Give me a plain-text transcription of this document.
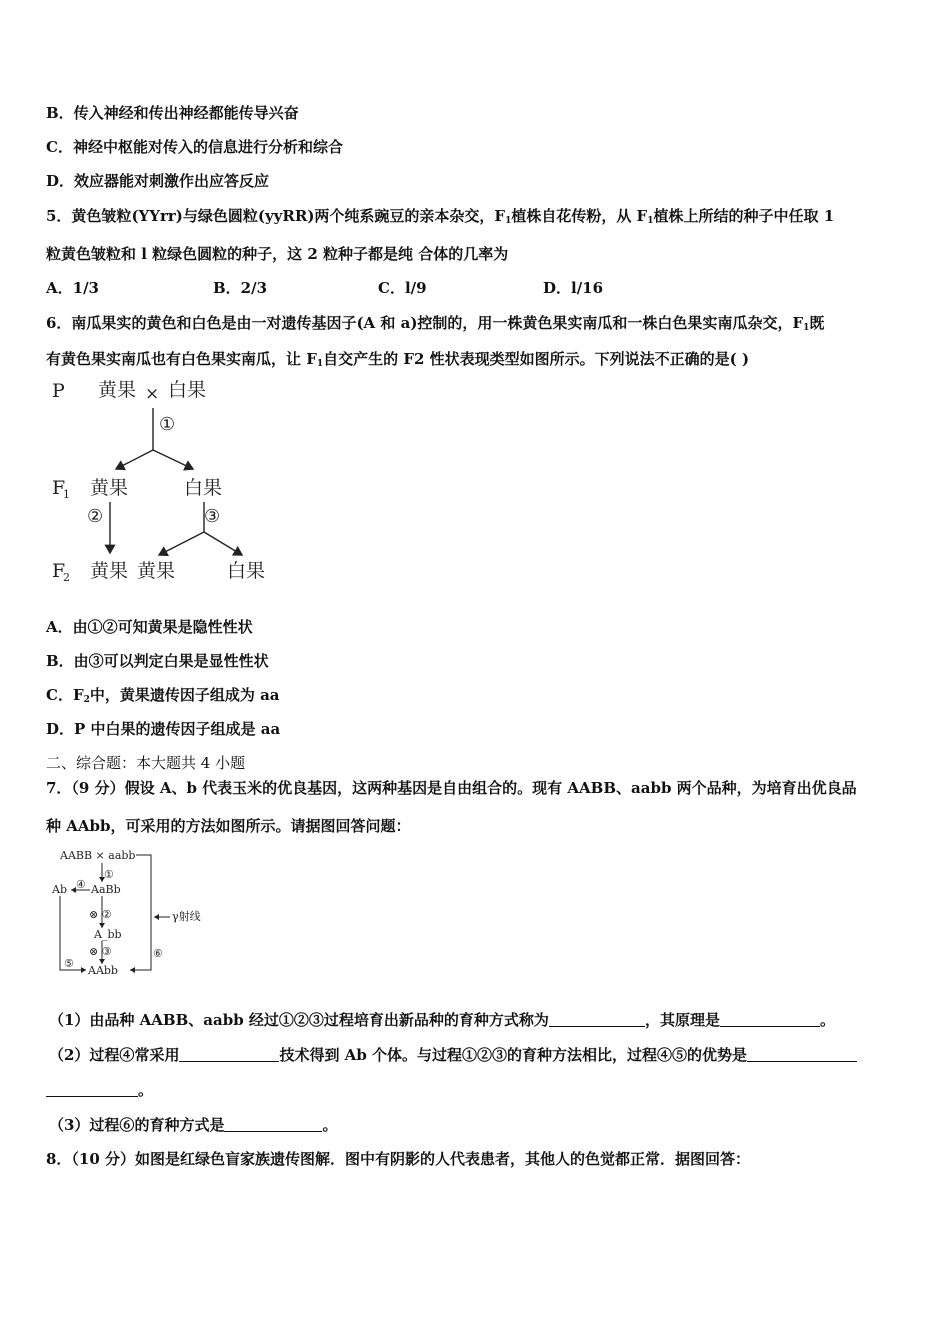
B．传入神经和传出神经都能传导兴奋
C．神经中枢能对传入的信息进行分析和综合
D．效应器能对刺激作出应答反应
5．黄色皱粒(YYrr)与绿色圆粒(yyRR)两个纯系豌豆的亲本杂交，$F_1$植株自花传粉，从 $F_1$植株上所结的种子中任取 1
粒黄色皱粒和 l 粒绿色圆粒的种子，这 2 粒种子都是纯 合体的几率为
A．1/3	B．2/3	C．l/9	D．l/16
6．南瓜果实的黄色和白色是由一对遗传基因子(A 和 a)控制的，用一株黄色果实南瓜和一株白色果实南瓜杂交，$F_1$既
有黄色果实南瓜也有白色果实南瓜，让 $F_1$自交产生的 F2 性状表现类型如图所示。下列说法不正确的是( )
P 黄果 × 白果
①
F
1 黄果	白果
②	③
F
2 黄果 黄果	白果
A．由①②可知黄果是隐性性状
B．由③可以判定白果是显性性状
C．$F_2$中，黄果遗传因子组成为 aa
D．P 中白果的遗传因子组成是 aa
二、综合题：本大题共 4 小题
7．（9 分）假设 A、b 代表玉米的优良基因，这两种基因是自由组合的。现有 AABB、aabb 两个品种，为培育出优良品
种 AAbb，可采用的方法如图所示。请据图回答问题：
AABB × aabb
①
Ab ④ AaBb
⊗ ②
A_bb
⊗ ③
⑤
AAbb
⑥
γ射线
（1）由品种 AABB、aabb 经过①②③过程培育出新品种的育种方式称为	，其原理是	。
（2）过程④常采用	技术得到 Ab 个体。与过程①②③的育种方法相比，过程④⑤的优势是
。
（3）过程⑥的育种方式是	。
8．（10 分）如图是红绿色盲家族遗传图解．图中有阴影的人代表患者，其他人的色觉都正常．据图回答：
